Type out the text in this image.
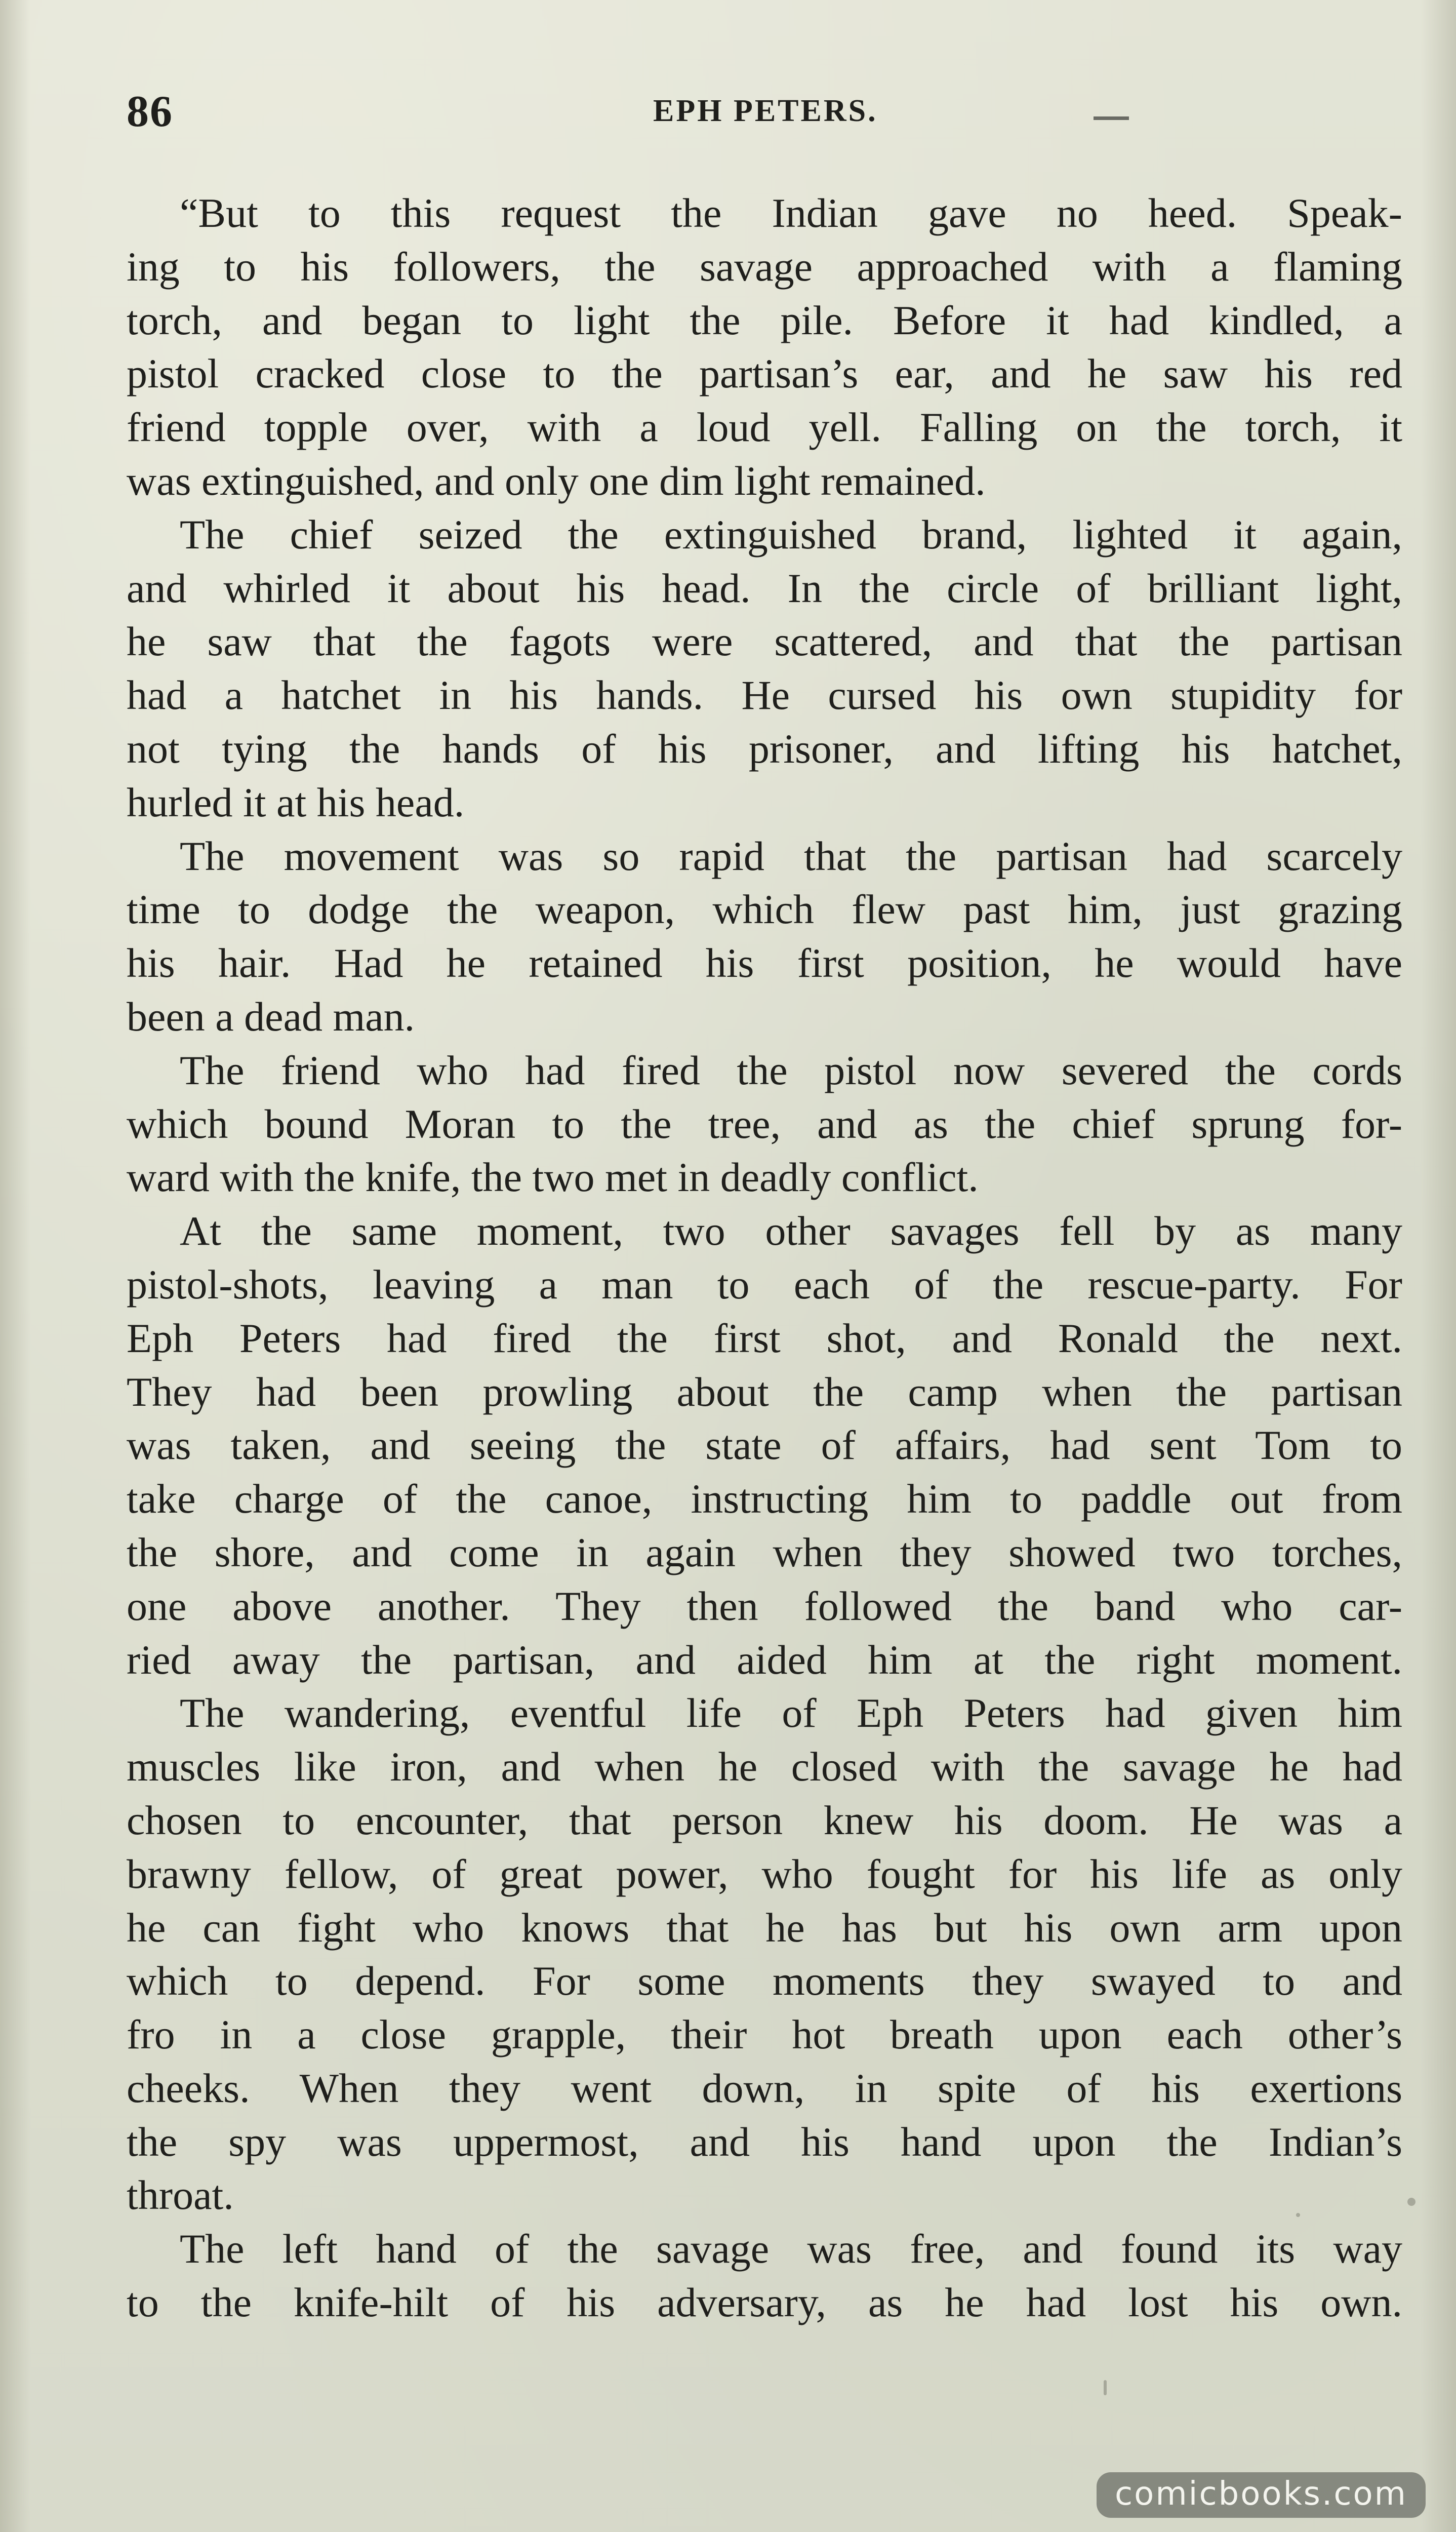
86	EPH PETERS.
“But to this request the Indian gave no heed. Speak-
ing to his followers, the savage approached with a flaming
torch, and began to light the pile. Before it had kindled, a
pistol cracked close to the partisan’s ear, and he saw his red
friend topple over, with a loud yell. Falling on the torch, it
was extinguished, and only one dim light remained.
The chief seized the extinguished brand, lighted it again,
and whirled it about his head. In the circle of brilliant light,
he saw that the fagots were scattered, and that the partisan
had a hatchet in his hands. He cursed his own stupidity for
not tying the hands of his prisoner, and lifting his hatchet,
hurled it at his head.
The movement was so rapid that the partisan had scarcely
time to dodge the weapon, which flew past him, just grazing
his hair. Had he retained his first position, he would have
been a dead man.
The friend who had fired the pistol now severed the cords
which bound Moran to the tree, and as the chief sprung for-
ward with the knife, the two met in deadly conflict.
At the same moment, two other savages fell by as many
pistol-shots, leaving a man to each of the rescue-party. For
Eph Peters had fired the first shot, and Ronald the next.
They had been prowling about the camp when the partisan
was taken, and seeing the state of affairs, had sent Tom to
take charge of the canoe, instructing him to paddle out from
the shore, and come in again when they showed two torches,
one above another. They then followed the band who car-
ried away the partisan, and aided him at the right moment.
The wandering, eventful life of Eph Peters had given him
muscles like iron, and when he closed with the savage he had
chosen to encounter, that person knew his doom. He was a
brawny fellow, of great power, who fought for his life as only
he can fight who knows that he has but his own arm upon
which to depend. For some moments they swayed to and
fro in a close grapple, their hot breath upon each other’s
cheeks. When they went down, in spite of his exertions
the spy was uppermost, and his hand upon the Indian’s
throat.
The left hand of the savage was free, and found its way
to the knife-hilt of his adversary, as he had lost his own.
comicbooks.com
